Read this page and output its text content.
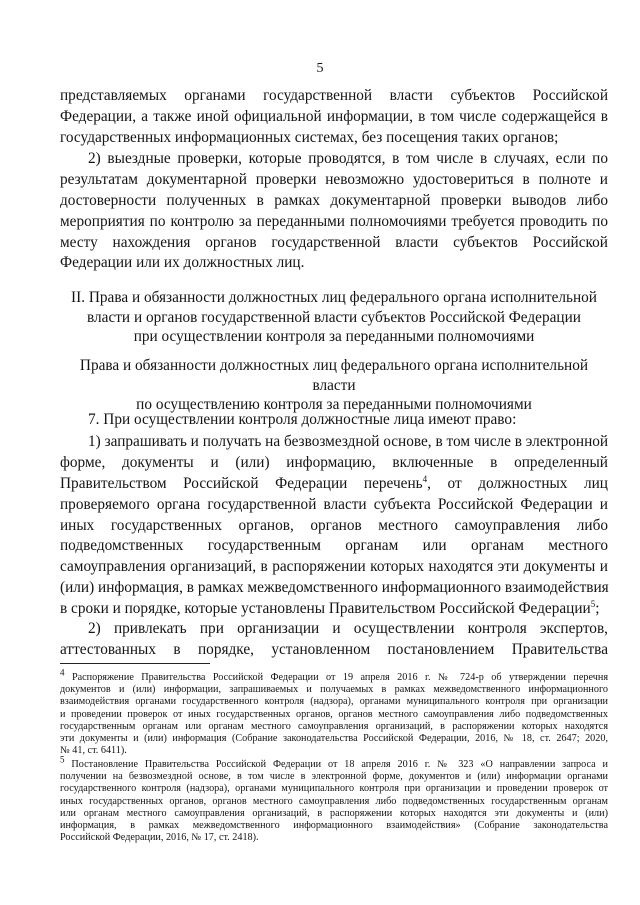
5
представляемых органами государственной власти субъектов Российской
Федерации, а также иной официальной информации, в том числе содержащейся в
государственных информационных системах, без посещения таких органов;
2) выездные проверки, которые проводятся, в том числе в случаях, если по
результатам документарной проверки невозможно удостовериться в полноте и
достоверности полученных в рамках документарной проверки выводов либо
мероприятия по контролю за переданными полномочиями требуется проводить по
месту нахождения органов государственной власти субъектов Российской
Федерации или их должностных лиц.
II. Права и обязанности должностных лиц федерального органа исполнительной
власти и органов государственной власти субъектов Российской Федерации
при осуществлении контроля за переданными полномочиями
Права и обязанности должностных лиц федерального органа исполнительной власти
по осуществлению контроля за переданными полномочиями
7. При осуществлении контроля должностные лица имеют право:
1) запрашивать и получать на безвозмездной основе, в том числе в электронной
форме, документы и (или) информацию, включенные в определенный
Правительством Российской Федерации перечень$^4$, от должностных лиц
проверяемого органа государственной власти субъекта Российской Федерации и
иных государственных органов, органов местного самоуправления либо
подведомственных государственным органам или органам местного
самоуправления организаций, в распоряжении которых находятся эти документы и
(или) информация, в рамках межведомственного информационного взаимодействия
в сроки и порядке, которые установлены Правительством Российской Федерации$^5$;
2) привлекать при организации и осуществлении контроля экспертов,
аттестованных в порядке, установленном постановлением Правительства
$^4$ Распоряжение Правительства Российской Федерации от 19 апреля 2016 г. № 724-р об утверждении перечня
документов и (или) информации, запрашиваемых и получаемых в рамках межведомственного информационного
взаимодействия органами государственного контроля (надзора), органами муниципального контроля при организации
и проведении проверок от иных государственных органов, органов местного самоуправления либо подведомственных
государственным органам или органам местного самоуправления организаций, в распоряжении которых находятся
эти документы и (или) информация (Собрание законодательства Российской Федерации, 2016, № 18, ст. 2647; 2020,
№ 41, ст. 6411).
$^5$ Постановление Правительства Российской Федерации от 18 апреля 2016 г. № 323 «О направлении запроса и
получении на безвозмездной основе, в том числе в электронной форме, документов и (или) информации органами
государственного контроля (надзора), органами муниципального контроля при организации и проведении проверок от
иных государственных органов, органов местного самоуправления либо подведомственных государственным органам
или органам местного самоуправления организаций, в распоряжении которых находятся эти документы и (или)
информация, в рамках межведомственного информационного взаимодействия» (Собрание законодательства
Российской Федерации, 2016, № 17, ст. 2418).
